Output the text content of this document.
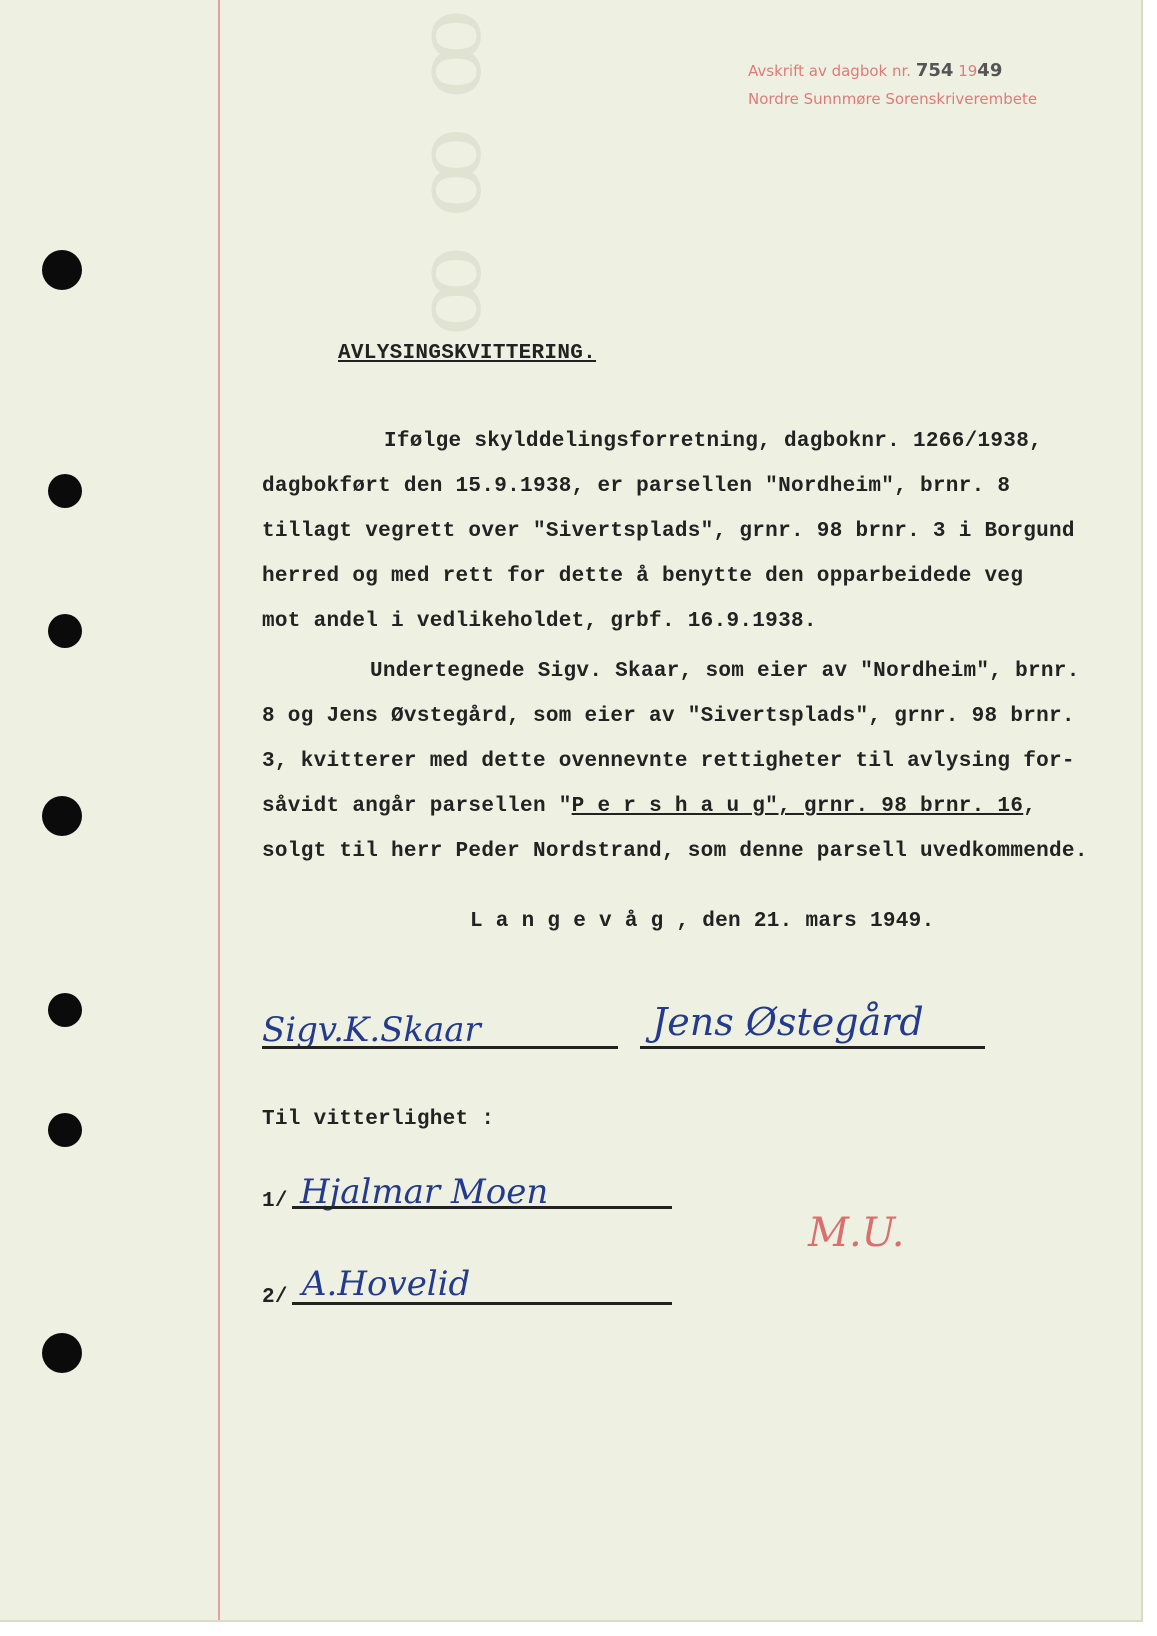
ꝏ ꝏ ꝏ	Avskrift av dagbok nr. 754 1949
Nordre Sunnmøre Sorenskriverembete
AVLYSINGSKVITTERING.
Ifølge skylddelingsforretning, dagboknr. 1266/1938,
dagbokført den 15.9.1938, er parsellen "Nordheim", brnr. 8
tillagt vegrett over "Sivertsplads", grnr. 98 brnr. 3 i Borgund
herred og med rett for dette å benytte den opparbeidede veg
mot andel i vedlikeholdet, grbf. 16.9.1938.
Undertegnede Sigv. Skaar, som eier av "Nordheim", brnr.
8 og Jens Øvstegård, som eier av "Sivertsplads", grnr. 98 brnr.
3, kvitterer med dette ovennevnte rettigheter til avlysing for-
såvidt angår parsellen "P e r s h a u g", grnr. 98 brnr. 16,
solgt til herr Peder Nordstrand, som denne parsell uvedkommende.
L a n g e v å g , den 21. mars 1949.
Sigv.K.Skaar	Jens Østegård
Til vitterlighet :
1/ Hjalmar Moen
2/ A.Hovelid
M.U.
